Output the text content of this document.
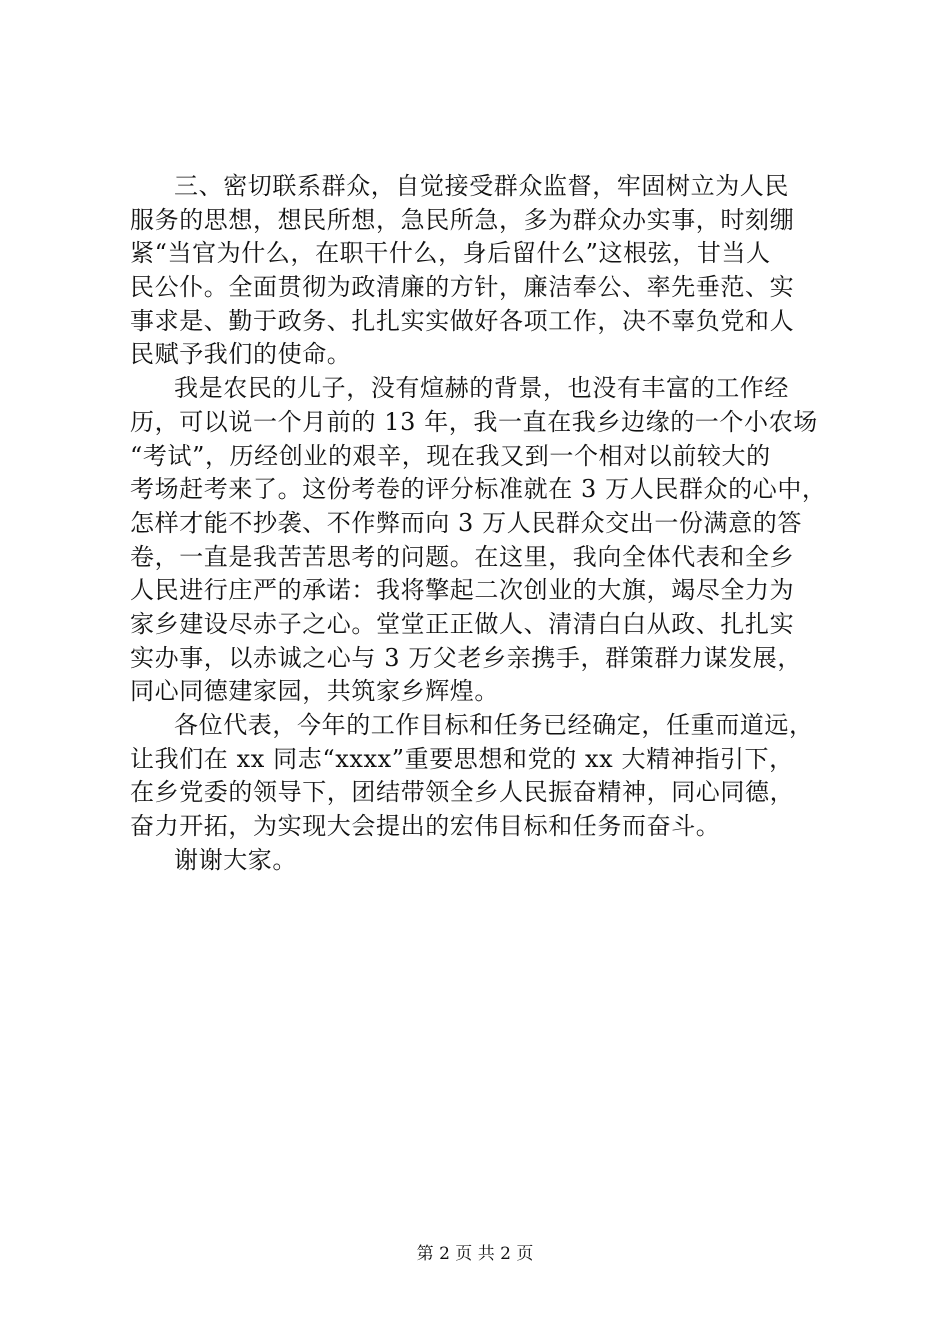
三、密切联系群众，自觉接受群众监督，牢固树立为人民
服务的思想，想民所想，急民所急，多为群众办实事，时刻绷
紧“当官为什么，在职干什么，身后留什么”这根弦，甘当人
民公仆。全面贯彻为政清廉的方针，廉洁奉公、率先垂范、实
事求是、勤于政务、扎扎实实做好各项工作，决不辜负党和人
民赋予我们的使命。
我是农民的儿子，没有煊赫的背景，也没有丰富的工作经
历，可以说一个月前的 13 年，我一直在我乡边缘的一个小农场
“考试”，历经创业的艰辛，现在我又到一个相对以前较大的
考场赶考来了。这份考卷的评分标准就在 3 万人民群众的心中，
怎样才能不抄袭、不作弊而向 3 万人民群众交出一份满意的答
卷，一直是我苦苦思考的问题。在这里，我向全体代表和全乡
人民进行庄严的承诺：我将擎起二次创业的大旗，竭尽全力为
家乡建设尽赤子之心。堂堂正正做人、清清白白从政、扎扎实
实办事，以赤诚之心与 3 万父老乡亲携手，群策群力谋发展，
同心同德建家园，共筑家乡辉煌。
各位代表，今年的工作目标和任务已经确定，任重而道远，
让我们在 xx 同志“xxxx”重要思想和党的 xx 大精神指引下，
在乡党委的领导下，团结带领全乡人民振奋精神，同心同德，
奋力开拓，为实现大会提出的宏伟目标和任务而奋斗。
谢谢大家。
第 2 页 共 2 页
